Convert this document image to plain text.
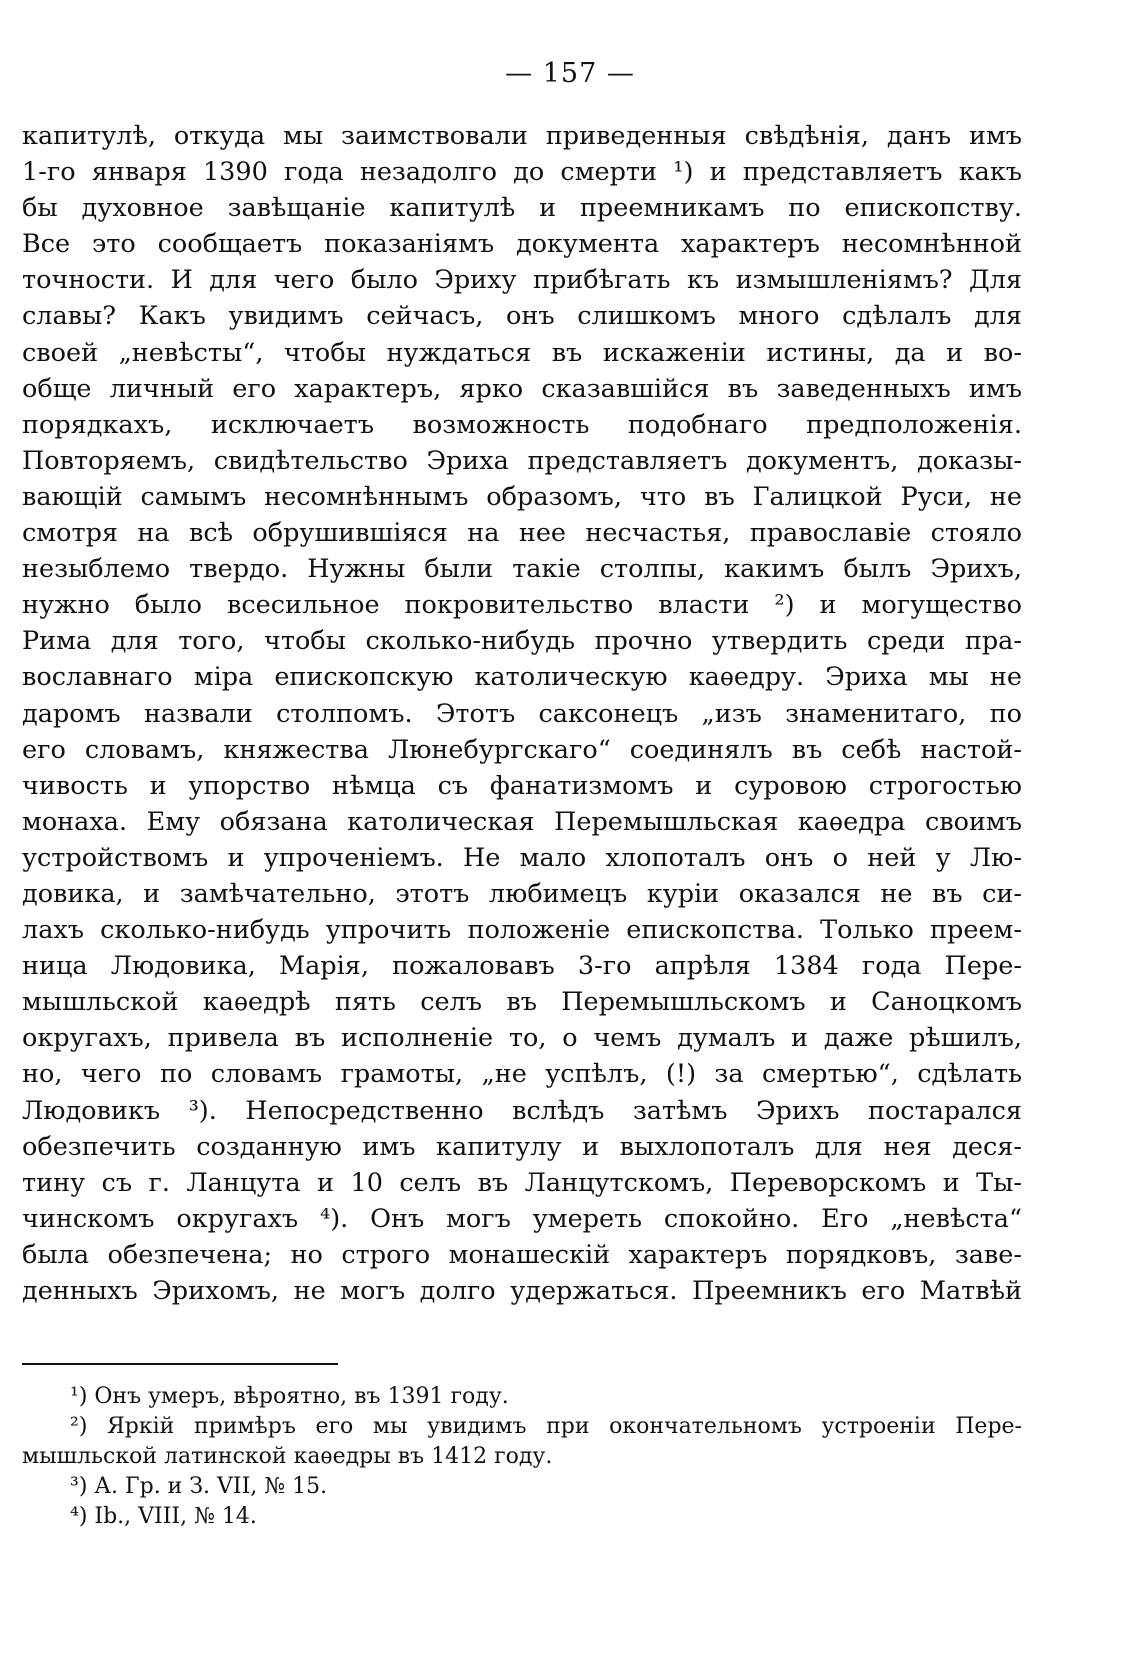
— 157 —
капитулѣ, откуда мы заимствовали приведенныя свѣдѣнія, данъ имъ
1-го января 1390 года незадолго до смерти ¹) и представляетъ какъ
бы духовное завѣщаніе капитулѣ и преемникамъ по епископству.
Все это сообщаетъ показаніямъ документа характеръ несомнѣнной
точности. И для чего было Эриху прибѣгать къ измышленіямъ? Для
славы? Какъ увидимъ сейчасъ, онъ слишкомъ много сдѣлалъ для
своей „невѣсты“, чтобы нуждаться въ искаженіи истины, да и во-
обще личный его характеръ, ярко сказавшійся въ заведенныхъ имъ
порядкахъ, исключаетъ возможность подобнаго предположенія.
Повторяемъ, свидѣтельство Эриха представляетъ документъ, доказы-
вающій самымъ несомнѣннымъ образомъ, что въ Галицкой Руси, не
смотря на всѣ обрушившіяся на нее несчастья, православіе стояло
незыблемо твердо. Нужны были такіе столпы, какимъ былъ Эрихъ,
нужно было всесильное покровительство власти ²) и могущество
Рима для того, чтобы сколько-нибудь прочно утвердить среди пра-
вославнаго міра епископскую католическую каѳедру. Эриха мы не
даромъ назвали столпомъ. Этотъ саксонецъ „изъ знаменитаго, по
его словамъ, княжества Люнебургскаго“ соединялъ въ себѣ настой-
чивость и упорство нѣмца съ фанатизмомъ и суровою строгостью
монаха. Ему обязана католическая Перемышльская каѳедра своимъ
устройствомъ и упроченіемъ. Не мало хлопоталъ онъ о ней у Лю-
довика, и замѣчательно, этотъ любимецъ куріи оказался не въ си-
лахъ сколько-нибудь упрочить положеніе епископства. Только преем-
ница Людовика, Марія, пожаловавъ 3-го апрѣля 1384 года Пере-
мышльской каѳедрѣ пять селъ въ Перемышльскомъ и Саноцкомъ
округахъ, привела въ исполненіе то, о чемъ думалъ и даже рѣшилъ,
но, чего по словамъ грамоты, „не успѣлъ, (!) за смертью“, сдѣлать
Людовикъ ³). Непосредственно вслѣдъ затѣмъ Эрихъ постарался
обезпечить созданную имъ капитулу и выхлопоталъ для нея деся-
тину съ г. Ланцута и 10 селъ въ Ланцутскомъ, Переворскомъ и Ты-
чинскомъ округахъ ⁴). Онъ могъ умереть спокойно. Его „невѣста“
была обезпечена; но строго монашескій характеръ порядковъ, заве-
денныхъ Эрихомъ, не могъ долго удержаться. Преемникъ его Матвѣй
¹) Онъ умеръ, вѣроятно, въ 1391 году.
²) Яркій примѣръ его мы увидимъ при окончательномъ устроеніи Пере-
мышльской латинской каѳедры въ 1412 году.
³) А. Гр. и З. VII, № 15.
⁴) Ib., VIII, № 14.
